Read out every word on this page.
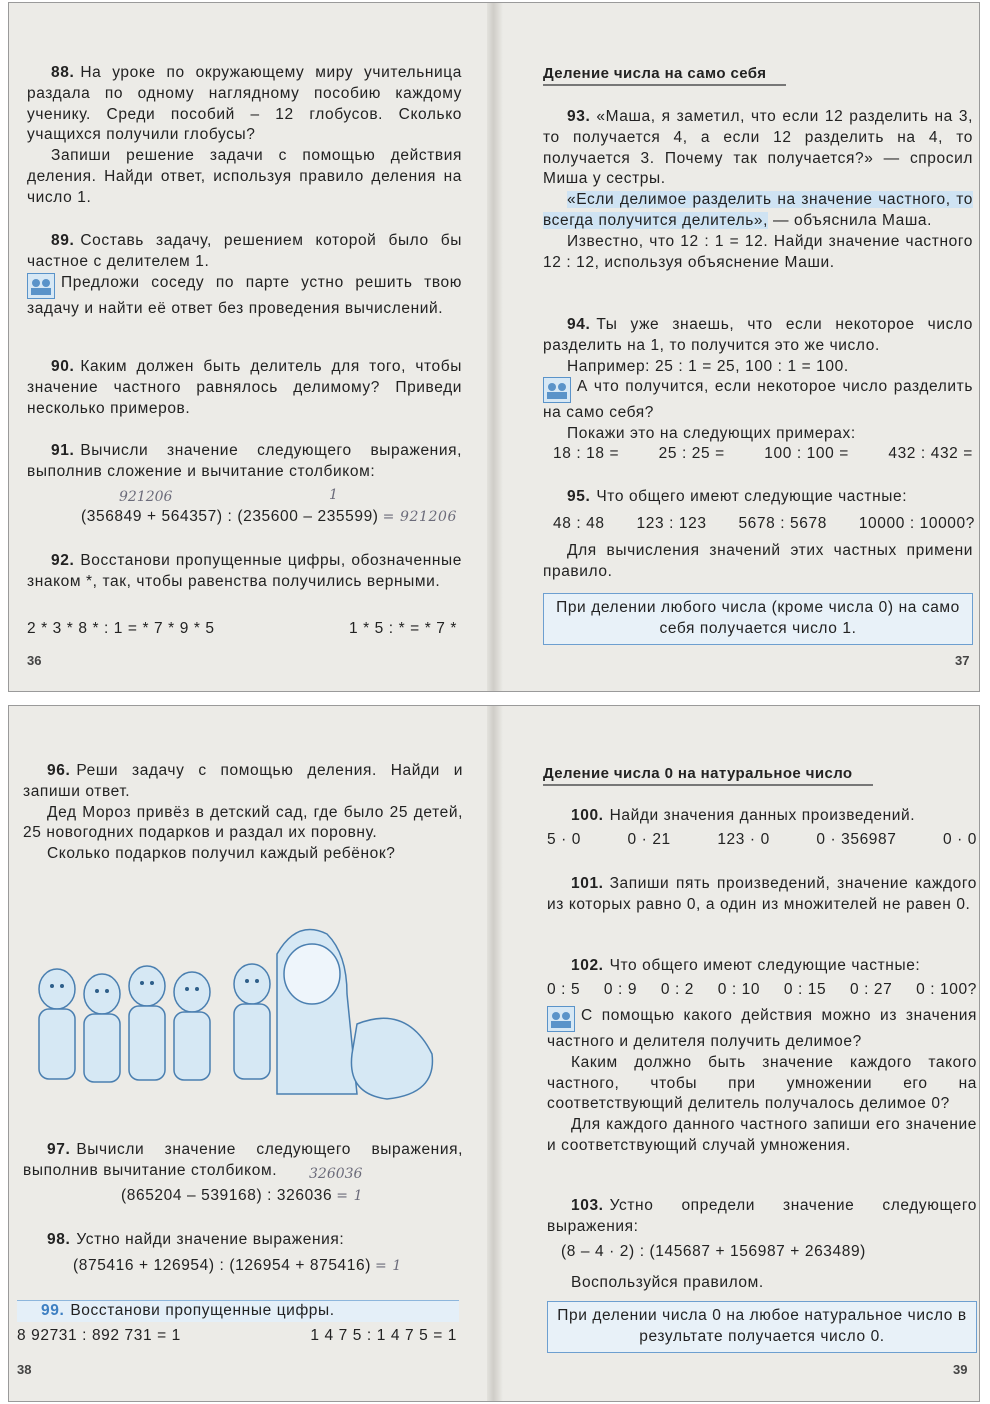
88. На уроке по окружающему миру учительница раздала по одному наглядному пособию каждому ученику. Среди пособий – 12 глобусов. Сколько учащихся получили глобусы?

Запиши решение задачи с помощью действия деления. Найди ответ, используя правило деления на число 1.

89. Составь задачу, решением которой было бы частное с делителем 1.

Предложи соседу по парте устно решить твою задачу и найти её ответ без проведения вычислений.

90. Каким должен быть делитель для того, чтобы значение частного равнялось делимому? Приведи несколько примеров.

91. Вычисли значение следующего выражения, выполнив сложение и вычитание столбиком:

921206	1
(356849 + 564357) : (235600 – 235599) = 921206

92. Восстанови пропущенные цифры, обозначенные знаком *, так, чтобы равенства получились верными.

2 * 3 * 8 * : 1 = * 7 * 9 * 5	1 * 5 : * = * 7 *
36
Деление числа на само себя

93. «Маша, я заметил, что если 12 разделить на 3, то получается 4, а если 12 разделить на 4, то получается 3. Почему так получается?» — спросил Миша у сестры.

«Если делимое разделить на значение частного, то всегда получится делитель», — объяснила Маша.

Известно, что 12 : 1 = 12. Найди значение частного 12 : 12, используя объяснение Маши.

94. Ты уже знаешь, что если некоторое число разделить на 1, то получится это же число.

Например: 25 : 1 = 25, 100 : 1 = 100.

А что получится, если некоторое число разделить на само себя?

Покажи это на следующих примерах:

18 : 18 =	25 : 25 =	100 : 100 =	432 : 432 =

95. Что общего имеют следующие частные:

48 : 48 123 : 123 5678 : 5678 10000 : 10000?

Для вычисления значений этих частных примени правило.

При делении любого числа (кроме числа 0) на само себя получается число 1.
37

96. Реши задачу с помощью деления. Найди и запиши ответ.

Дед Мороз привёз в детский сад, где было 25 детей, 25 новогодних подарков и раздал их поровну.

Сколько подарков получил каждый ребёнок?

97. Вычисли значение следующего выражения, выполнив вычитание столбиком.	326036
(865204 – 539168) : 326036 = 1

98. Устно найди значение выражения:

(875416 + 126954) : (126954 + 875416) = 1
99. Восстанови пропущенные цифры.
8 92731 : 892 731 = 1	1 4 7 5 : 1 4 7 5 = 1
38
Деление числа 0 на натуральное число

100. Найди значения данных произведений.

5 · 0	0 · 21	123 · 0	0 · 356987	0 · 0

101. Запиши пять произведений, значение каждого из которых равно 0, а один из множителей не равен 0.

102. Что общего имеют следующие частные:

0 : 5 0 : 9 0 : 2 0 : 10 0 : 15 0 : 27 0 : 100?

С помощью какого действия можно из значения частного и делителя получить делимое?

Каким должно быть значение каждого такого частного, чтобы при умножении его на соответствующий делитель получалось делимое 0?

Для каждого данного частного запиши его значение и соответствующий случай умножения.

103. Устно определи значение следующего выражения:

(8 – 4 · 2) : (145687 + 156987 + 263489)
Воспользуйся правилом.
При делении числа 0 на любое натуральное число в результате получается число 0.
39
